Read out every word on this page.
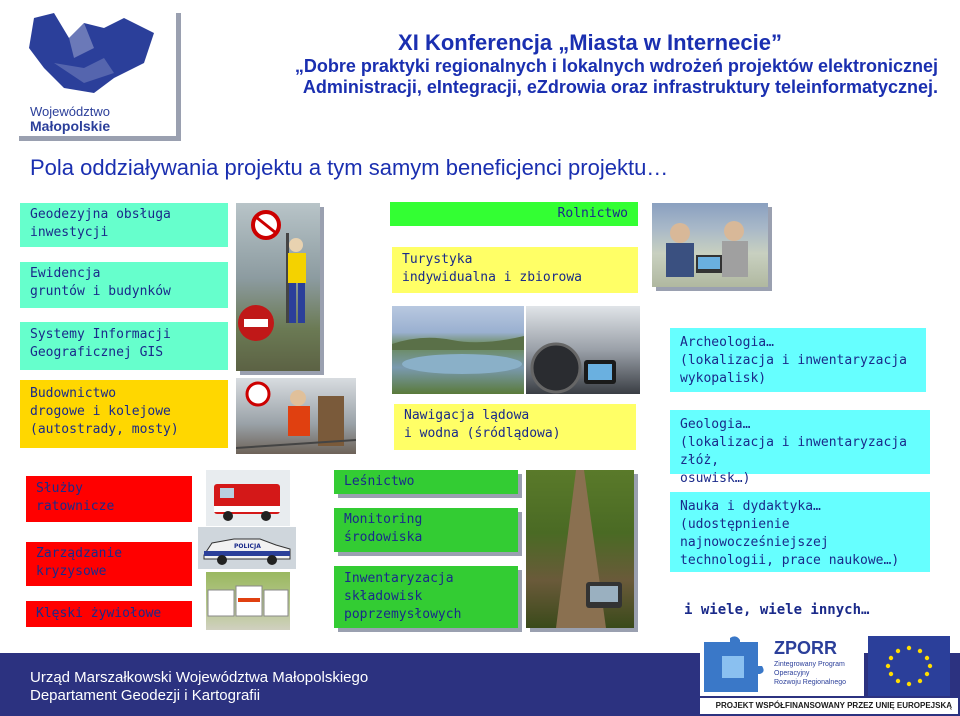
Województwo
Małopolskie
XI Konferencja „Miasta w Internecie”
„Dobre praktyki regionalnych i lokalnych wdrożeń projektów elektronicznej
Administracji, eIntegracji, eZdrowia oraz infrastruktury teleinformatycznej.
Pola oddziaływania projektu a tym samym beneficjenci projektu…
Geodezyjna obsługa
inwestycji
Ewidencja
gruntów i budynków
Systemy Informacji
Geograficznej GIS
Budownictwo
drogowe i kolejowe
(autostrady, mosty)
Służby
ratownicze
Zarządzanie
kryzysowe
Klęski żywiołowe
POLICJA
Rolnictwo
Turystyka
indywidualna i zbiorowa
Nawigacja lądowa
i wodna (śródlądowa)
Leśnictwo
Monitoring
środowiska
Inwentaryzacja
składowisk
poprzemysłowych
Archeologia…
(lokalizacja i inwentaryzacja
wykopalisk)
Geologia…
(lokalizacja i inwentaryzacja złóż,
osuwisk…)
Nauka i dydaktyka…
(udostępnienie najnowocześniejszej
technologii, prace naukowe…)
i wiele, wiele innych…
Urząd Marszałkowski Województwa Małopolskiego
Departament Geodezji i Kartografii
ZPORR
Zintegrowany Program
Operacyjny
Rozwoju Regionalnego
PROJEKT WSPÓŁFINANSOWANY PRZEZ UNIĘ EUROPEJSKĄ
